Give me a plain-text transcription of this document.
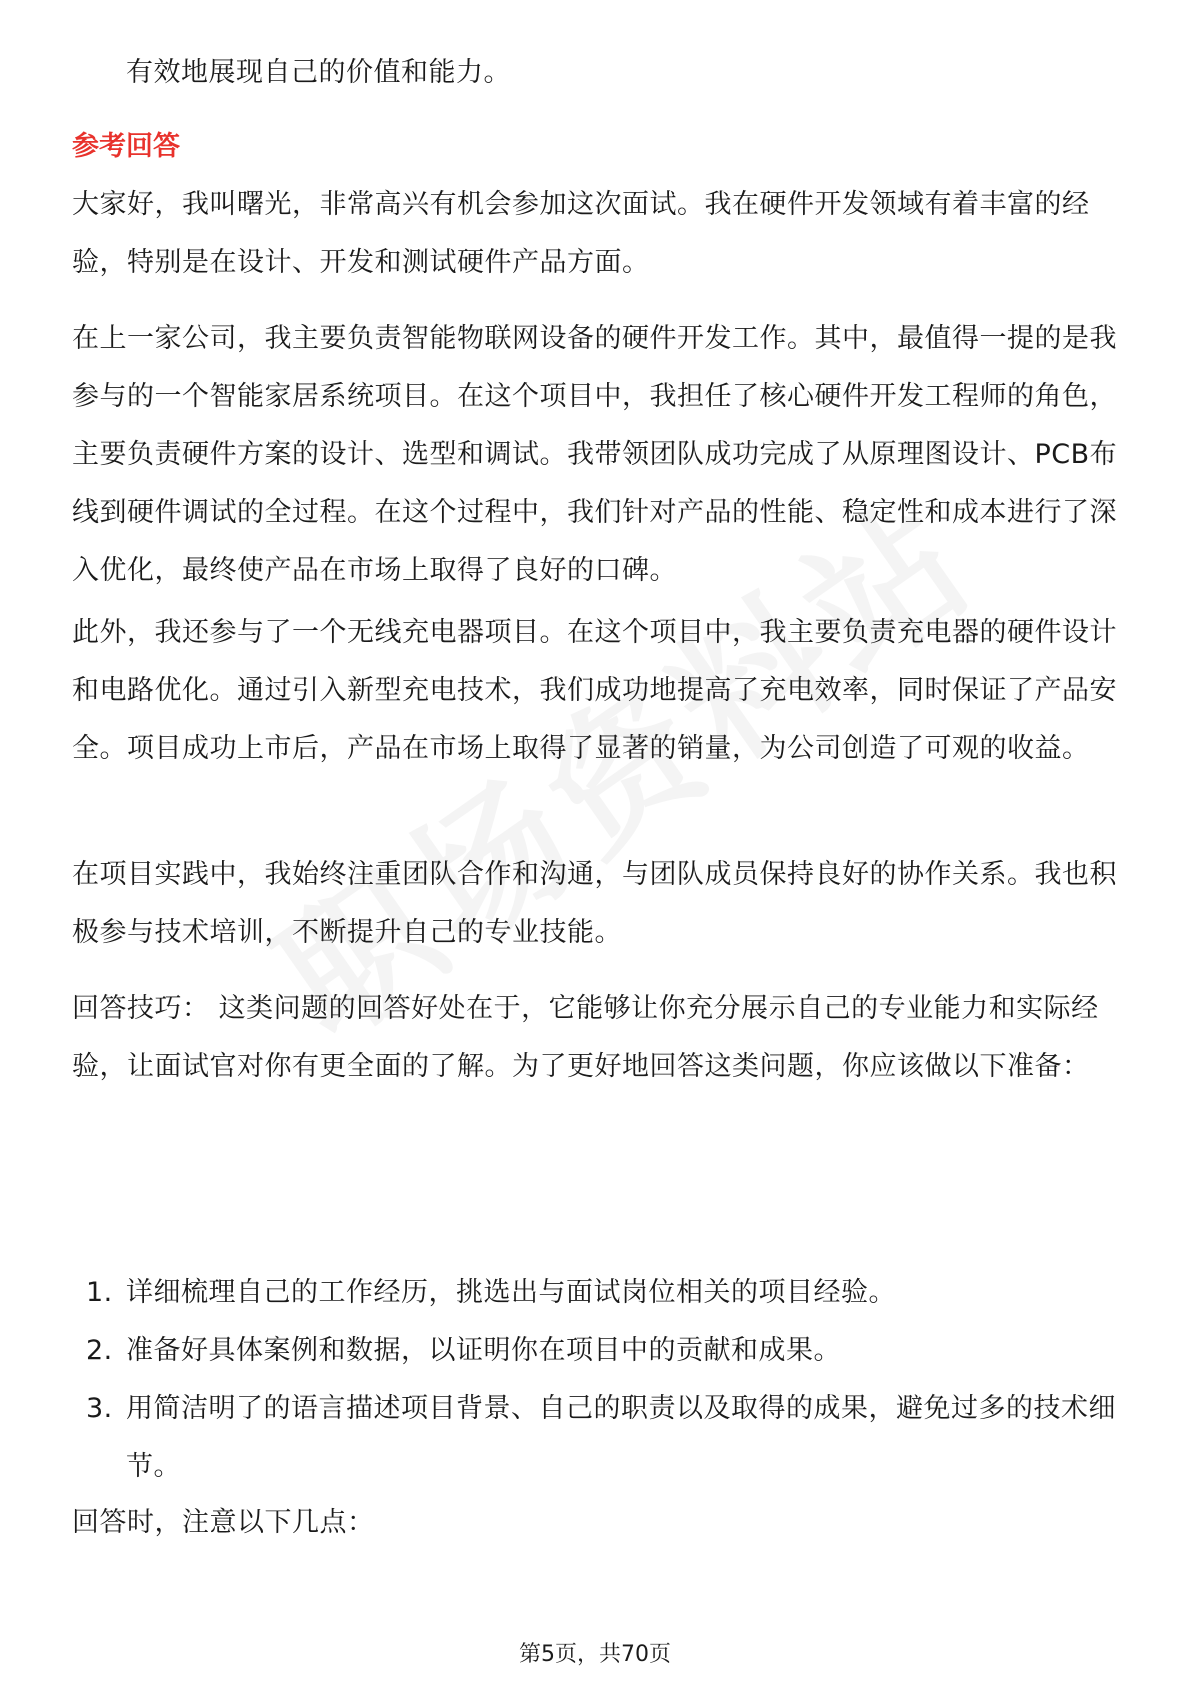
有效地展现自己的价值和能力。

参考回答

大家好，我叫曙光，非常高兴有机会参加这次面试。我在硬件开发领域有着丰富的经验，特别是在设计、开发和测试硬件产品方面。

在上一家公司，我主要负责智能物联网设备的硬件开发工作。其中，最值得一提的是我参与的一个智能家居系统项目。在这个项目中，我担任了核心硬件开发工程师的角色，主要负责硬件方案的设计、选型和调试。我带领团队成功完成了从原理图设计、PCB布线到硬件调试的全过程。在这个过程中，我们针对产品的性能、稳定性和成本进行了深入优化，最终使产品在市场上取得了良好的口碑。

此外，我还参与了一个无线充电器项目。在这个项目中，我主要负责充电器的硬件设计和电路优化。通过引入新型充电技术，我们成功地提高了充电效率，同时保证了产品安全。项目成功上市后，产品在市场上取得了显著的销量，为公司创造了可观的收益。

在项目实践中，我始终注重团队合作和沟通，与团队成员保持良好的协作关系。我也积极参与技术培训，不断提升自己的专业技能。

回答技巧： 这类问题的回答好处在于，它能够让你充分展示自己的专业能力和实际经验，让面试官对你有更全面的了解。为了更好地回答这类问题，你应该做以下准备：

1. 详细梳理自己的工作经历，挑选出与面试岗位相关的项目经验。
2. 准备好具体案例和数据，以证明你在项目中的贡献和成果。
3. 用简洁明了的语言描述项目背景、自己的职责以及取得的成果，避免过多的技术细节。

回答时，注意以下几点：

第5页，共70页
